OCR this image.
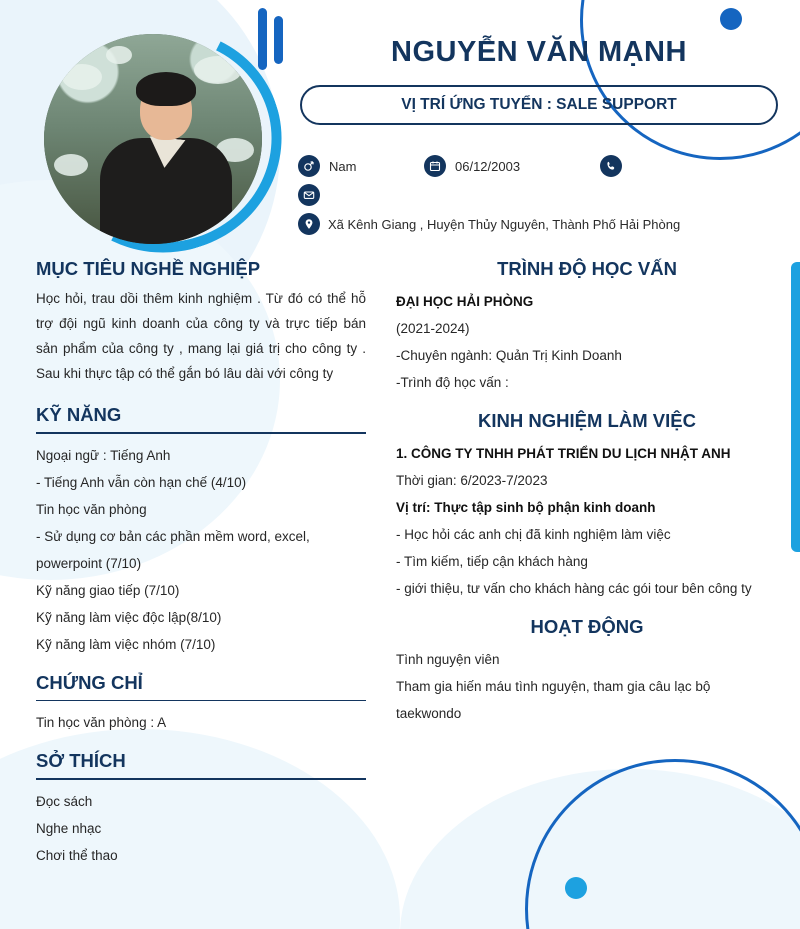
NGUYỄN VĂN MẠNH
VỊ TRÍ ỨNG TUYỂN : SALE SUPPORT
Nam	06/12/2003
Xã Kênh Giang , Huyện Thủy Nguyên, Thành Phố Hải Phòng
MỤC TIÊU NGHỀ NGHIỆP

Học hỏi, trau dồi thêm kinh nghiệm . Từ đó có thể hỗ trợ đội ngũ kinh doanh của công ty và trực tiếp bán sản phẩm của công ty , mang lại giá trị cho công ty . Sau khi thực tập có thể gắn bó lâu dài với công ty

KỸ NĂNG
Ngoại ngữ : Tiếng Anh
- Tiếng Anh vẫn còn hạn chế (4/10)
Tin học văn phòng
- Sử dụng cơ bản các phần mềm word, excel, powerpoint (7/10)
Kỹ năng giao tiếp (7/10)
Kỹ năng làm việc độc lập(8/10)
Kỹ năng làm việc nhóm (7/10)
CHỨNG CHỈ
Tin học văn phòng : A
SỞ THÍCH
Đọc sách
Nghe nhạc
Chơi thể thao
TRÌNH ĐỘ HỌC VẤN
ĐẠI HỌC HẢI PHÒNG
(2021-2024)
-Chuyên ngành: Quản Trị Kinh Doanh
-Trình độ học vấn :
KINH NGHIỆM LÀM VIỆC
1. CÔNG TY TNHH PHÁT TRIỂN DU LỊCH NHẬT ANH
Thời gian: 6/2023-7/2023
Vị trí: Thực tập sinh bộ phận kinh doanh
- Học hỏi các anh chị đã kinh nghiệm làm việc
- Tìm kiếm, tiếp cận khách hàng
- giới thiệu, tư vấn cho khách hàng các gói tour bên công ty
HOẠT ĐỘNG
Tình nguyện viên
Tham gia hiến máu tình nguyện, tham gia câu lạc bộ taekwondo
